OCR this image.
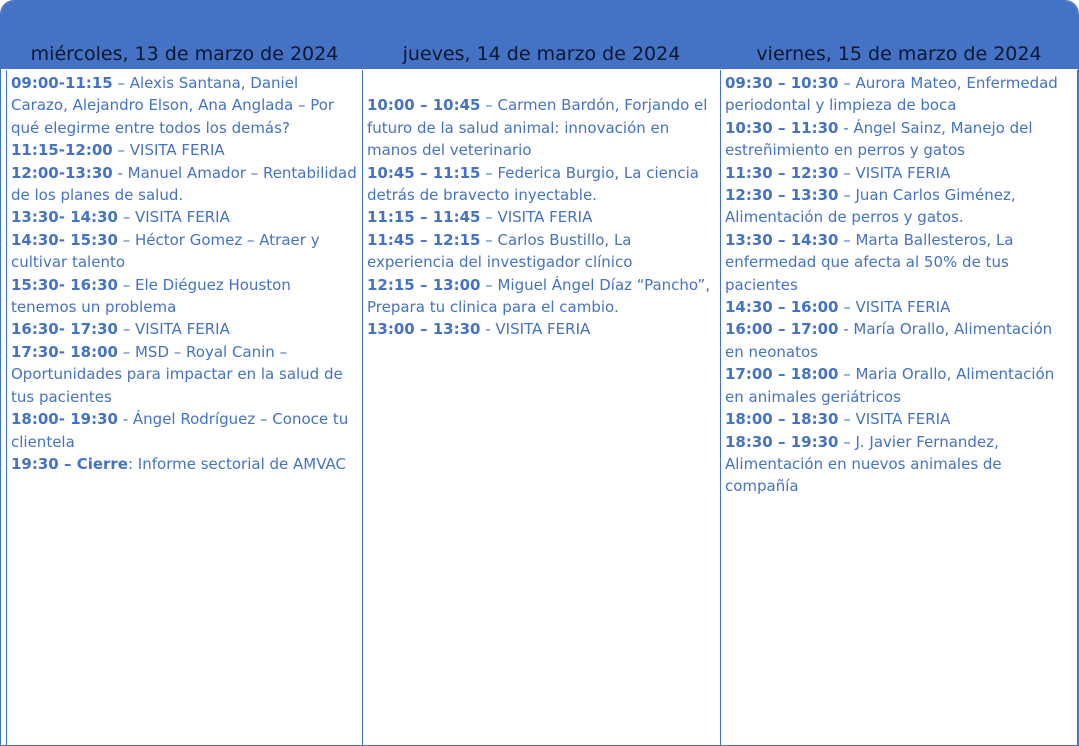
miércoles, 13 de marzo de 2024	jueves, 14 de marzo de 2024	viernes, 15 de marzo de 2024

09:00-11:15 – Alexis Santana, Daniel Carazo, Alejandro Elson, Ana Anglada – Por qué elegirme entre todos los demás?

11:15-12:00 – VISITA FERIA

12:00-13:30 - Manuel Amador – Rentabilidad de los planes de salud.

13:30- 14:30 – VISITA FERIA

14:30- 15:30 – Héctor Gomez – Atraer y cultivar talento

15:30- 16:30 – Ele Diéguez Houston tenemos un problema

16:30- 17:30 – VISITA FERIA

17:30- 18:00 – MSD – Royal Canin – Oportunidades para impactar en la salud de tus pacientes

18:00- 19:30 - Ángel Rodríguez – Conoce tu clientela

19:30 – Cierre: Informe sectorial de AMVAC

10:00 – 10:45 – Carmen Bardón, Forjando el futuro de la salud animal: innovación en manos del veterinario

10:45 – 11:15 – Federica Burgio, La ciencia detrás de bravecto inyectable.

11:15 – 11:45 – VISITA FERIA

11:45 – 12:15 – Carlos Bustillo, La experiencia del investigador clínico

12:15 – 13:00 – Miguel Ángel Díaz “Pancho”, Prepara tu clinica para el cambio.

13:00 – 13:30 - VISITA FERIA

09:30 – 10:30 – Aurora Mateo, Enfermedad periodontal y limpieza de boca

10:30 – 11:30 - Ángel Sainz, Manejo del estreñimiento en perros y gatos

11:30 – 12:30 – VISITA FERIA

12:30 – 13:30 – Juan Carlos Giménez, Alimentación de perros y gatos.

13:30 – 14:30 – Marta Ballesteros, La enfermedad que afecta al 50% de tus pacientes

14:30 – 16:00 – VISITA FERIA

16:00 – 17:00 - María Orallo, Alimentación en neonatos

17:00 – 18:00 – Maria Orallo, Alimentación en animales geriátricos

18:00 – 18:30 – VISITA FERIA

18:30 – 19:30 – J. Javier Fernandez, Alimentación en nuevos animales de compañía
